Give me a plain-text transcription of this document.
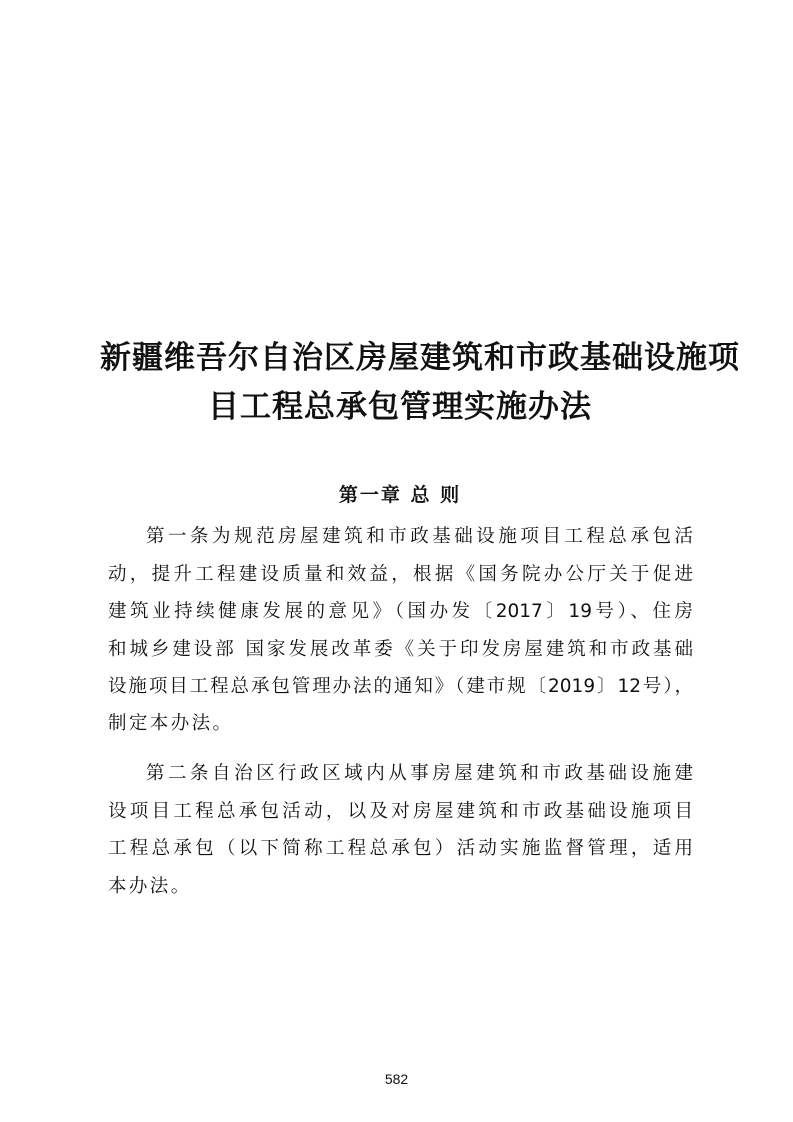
新疆维吾尔自治区房屋建筑和市政基础设施项
目工程总承包管理实施办法
第一章 总 则
第一条为规范房屋建筑和市政基础设施项目工程总承包活
动，提升工程建设质量和效益，根据《国务院办公厅关于促进
建筑业持续健康发展的意见》（国办发〔2017〕19号）、住房
和城乡建设部 国家发展改革委《关于印发房屋建筑和市政基础
设施项目工程总承包管理办法的通知》（建市规〔2019〕12号），
制定本办法。
第二条自治区行政区域内从事房屋建筑和市政基础设施建
设项目工程总承包活动，以及对房屋建筑和市政基础设施项目
工程总承包（以下简称工程总承包）活动实施监督管理，适用
本办法。
582
